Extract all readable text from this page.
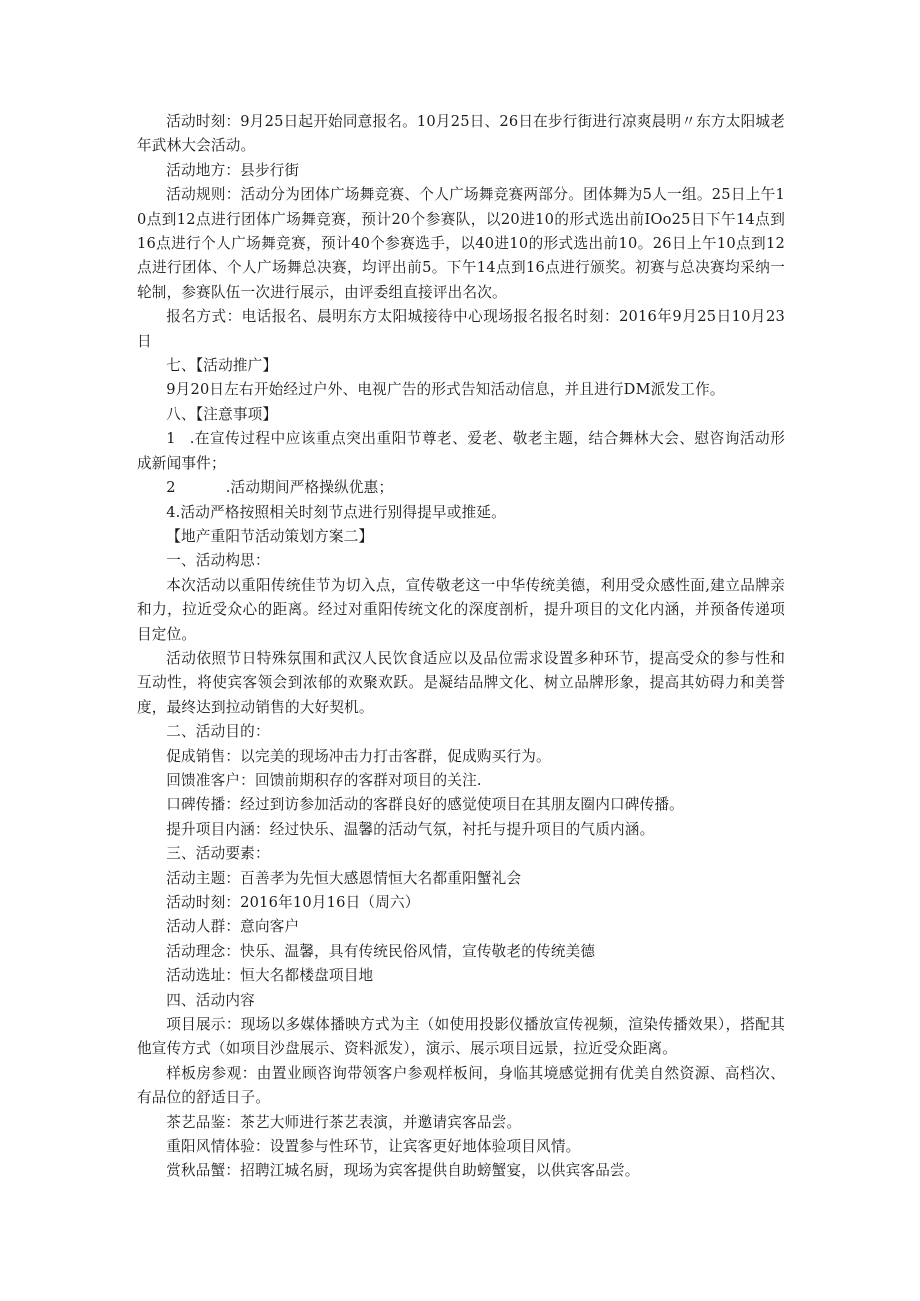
活动时刻：9月25日起开始同意报名。10月25日、26日在步行街进行凉爽晨明〃东方太阳城老年武林大会活动。

活动地方：县步行街

活动规则：活动分为团体广场舞竞赛、个人广场舞竞赛两部分。团体舞为5人一组。25日上午10点到12点进行团体广场舞竞赛，预计20个参赛队，以20进10的形式选出前IOo25日下午14点到16点进行个人广场舞竞赛，预计40个参赛选手，以40进10的形式选出前10。26日上午10点到12点进行团体、个人广场舞总决赛，均评出前5。下午14点到16点进行颁奖。初赛与总决赛均采纳一轮制，参赛队伍一次进行展示，由评委组直接评出名次。

报名方式：电话报名、晨明东方太阳城接待中心现场报名报名时刻：2016年9月25日10月23日

七、【活动推广】

9月20日左右开始经过户外、电视广告的形式告知活动信息，并且进行DM派发工作。

八、【注意事项】

1 .在宣传过程中应该重点突出重阳节尊老、爱老、敬老主题，结合舞林大会、慰咨询活动形成新闻事件；

2	.活动期间严格操纵优惠；

4.活动严格按照相关时刻节点进行别得提早或推延。

【地产重阳节活动策划方案二】

一、活动构思：

本次活动以重阳传统佳节为切入点，宣传敬老这一中华传统美德，利用受众感性面,建立品牌亲和力，拉近受众心的距离。经过对重阳传统文化的深度剖析，提升项目的文化内涵，并预备传递项目定位。

活动依照节日特殊氛围和武汉人民饮食适应以及品位需求设置多种环节，提高受众的参与性和互动性，将使宾客领会到浓郁的欢聚欢跃。是凝结品牌文化、树立品牌形象，提高其妨碍力和美誉度，最终达到拉动销售的大好契机。

二、活动目的：

促成销售：以完美的现场冲击力打击客群，促成购买行为。

回馈准客户：回馈前期积存的客群对项目的关注.

口碑传播：经过到访参加活动的客群良好的感觉使项目在其朋友圈内口碑传播。

提升项目内涵：经过快乐、温馨的活动气氛，衬托与提升项目的气质内涵。

三、活动要素：

活动主题：百善孝为先恒大感恩情恒大名都重阳蟹礼会

活动时刻：2016年10月16日（周六）

活动人群：意向客户

活动理念：快乐、温馨，具有传统民俗风情，宣传敬老的传统美德

活动选址：恒大名都楼盘项目地

四、活动内容

项目展示：现场以多媒体播映方式为主（如使用投影仪播放宣传视频，渲染传播效果），搭配其他宣传方式（如项目沙盘展示、资料派发），演示、展示项目远景，拉近受众距离。

样板房参观：由置业顾咨询带领客户参观样板间，身临其境感觉拥有优美自然资源、高档次、有品位的舒适日子。

茶艺品鉴：茶艺大师进行茶艺表演，并邀请宾客品尝。

重阳风情体验：设置参与性环节，让宾客更好地体验项目风情。

赏秋品蟹：招聘江城名厨，现场为宾客提供自助螃蟹宴，以供宾客品尝。
